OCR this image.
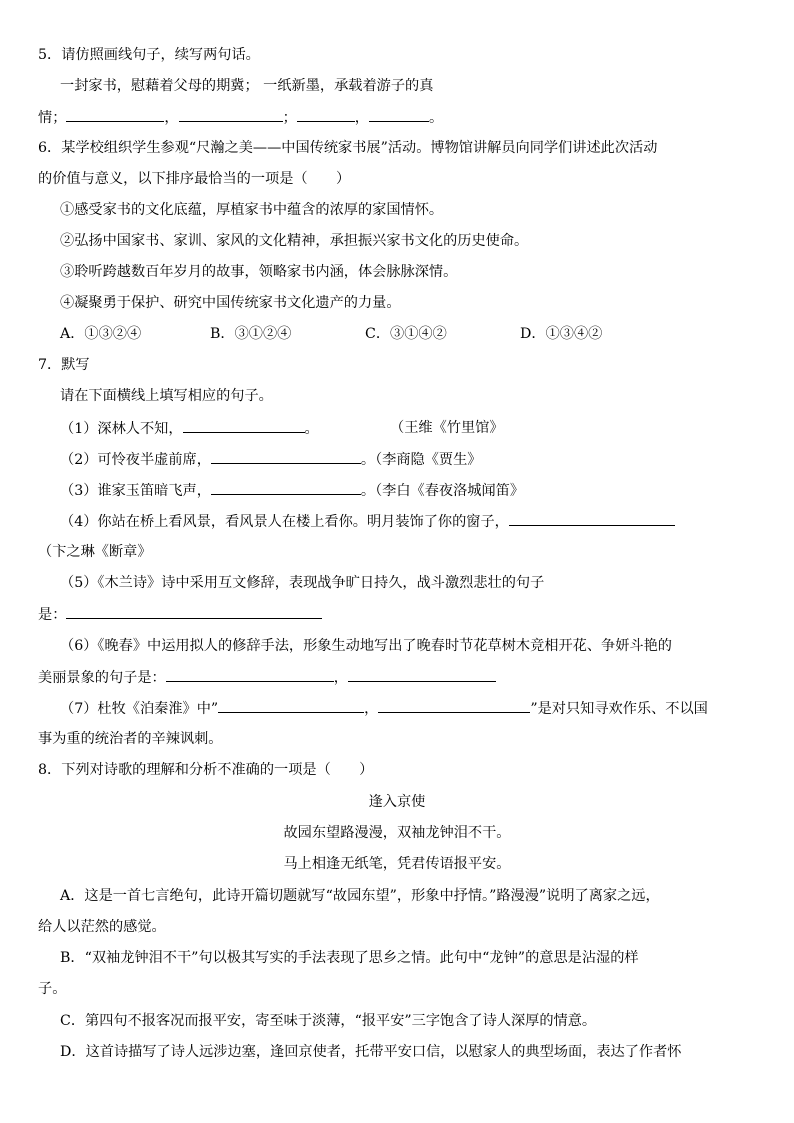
5．请仿照画线句子，续写两句话。
一封家书，慰藉着父母的期冀； 一纸新墨，承载着游子的真
情；	，	；	，	。
6．某学校组织学生参观“尺瀚之美——中国传统家书展”活动。博物馆讲解员向同学们讲述此次活动
的价值与意义，以下排序最恰当的一项是（　　）
①感受家书的文化底蕴，厚植家书中蕴含的浓厚的家国情怀。
②弘扬中国家书、家训、家风的文化精神，承担振兴家书文化的历史使命。
③聆听跨越数百年岁月的故事，领略家书内涵，体会脉脉深情。
④凝聚勇于保护、研究中国传统家书文化遗产的力量。
A．①③②④	B．③①②④	C．③①④②	D．①③④②
7．默写
请在下面横线上填写相应的句子。
（1）深林人不知，	。	（王维《竹里馆》
（2）可怜夜半虚前席，	。（李商隐《贾生》
（3）谁家玉笛暗飞声，	。（李白《春夜洛城闻笛》
（4）你站在桥上看风景，看风景人在楼上看你。明月装饰了你的窗子，
（卞之琳《断章》
（5）《木兰诗》诗中采用互文修辞，表现战争旷日持久，战斗激烈悲壮的句子
是：
（6）《晚春》中运用拟人的修辞手法，形象生动地写出了晚春时节花草树木竞相开花、争妍斗艳的
美丽景象的句子是：	，
（7）杜牧《泊秦淮》中”	，	”是对只知寻欢作乐、不以国
事为重的统治者的辛辣讽刺。
8．下列对诗歌的理解和分析不准确的一项是（　　）
逢入京使
故园东望路漫漫，双袖龙钟泪不干。
马上相逢无纸笔，凭君传语报平安。
A．这是一首七言绝句，此诗开篇切题就写“故园东望”，形象中抒情。”路漫漫”说明了离家之远，
给人以茫然的感觉。
B．“双袖龙钟泪不干”句以极其写实的手法表现了思乡之情。此句中“龙钟”的意思是沾湿的样
子。
C．第四句不报客况而报平安，寄至味于淡薄，“报平安”三字饱含了诗人深厚的情意。
D．这首诗描写了诗人远涉边塞，逢回京使者，托带平安口信，以慰家人的典型场面，表达了作者怀
